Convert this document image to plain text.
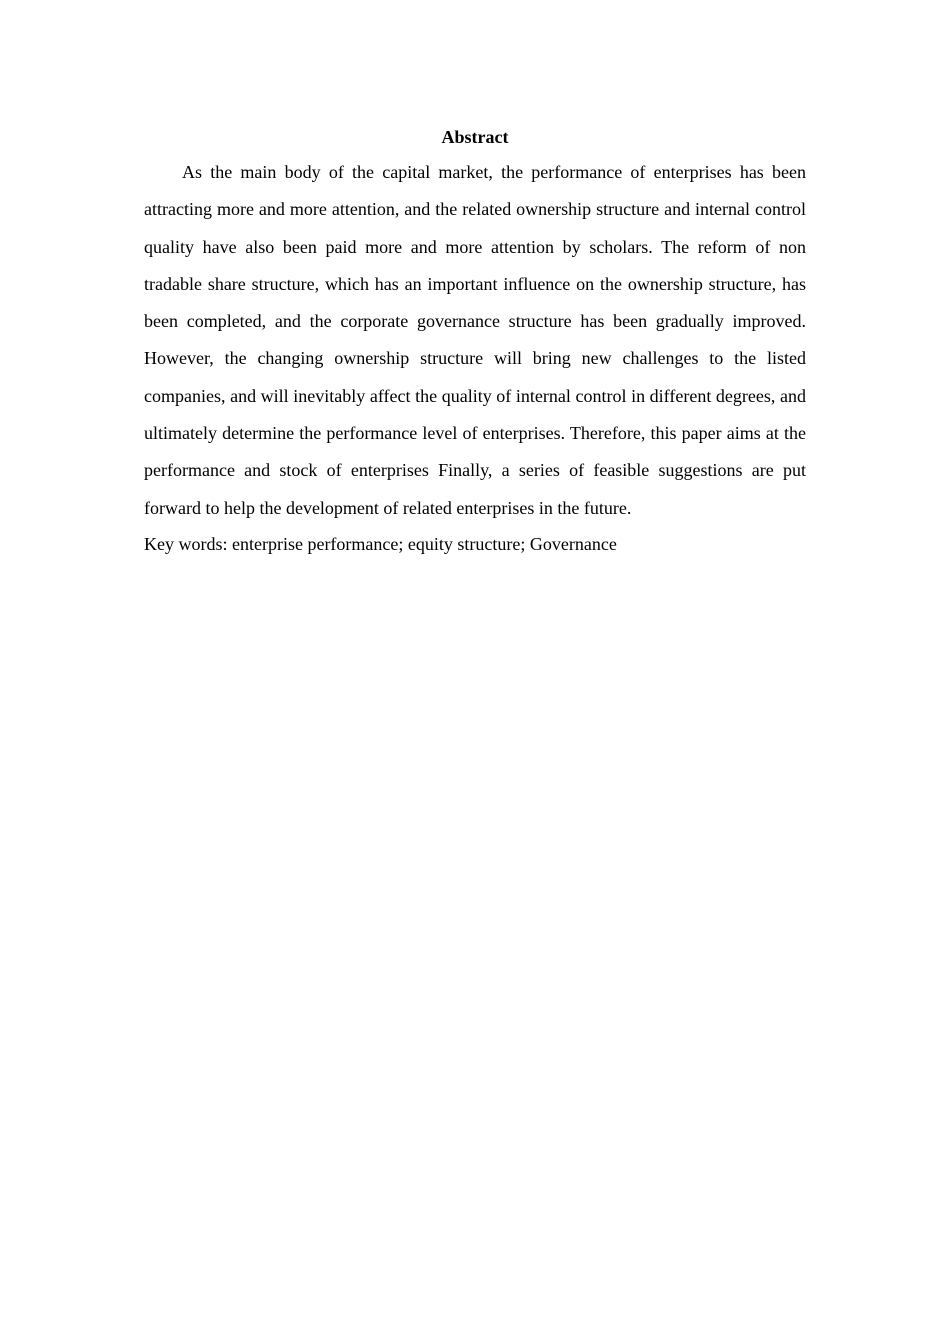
Abstract

As the main body of the capital market, the performance of enterprises has been attracting more and more attention, and the related ownership structure and internal control quality have also been paid more and more attention by scholars. The reform of non tradable share structure, which has an important influence on the ownership structure, has been completed, and the corporate governance structure has been gradually improved. However, the changing ownership structure will bring new challenges to the listed companies, and will inevitably affect the quality of internal control in different degrees, and ultimately determine the performance level of enterprises. Therefore, this paper aims at the performance and stock of enterprises Finally, a series of feasible suggestions are put forward to help the development of related enterprises in the future.

Key words: enterprise performance; equity structure; Governance
